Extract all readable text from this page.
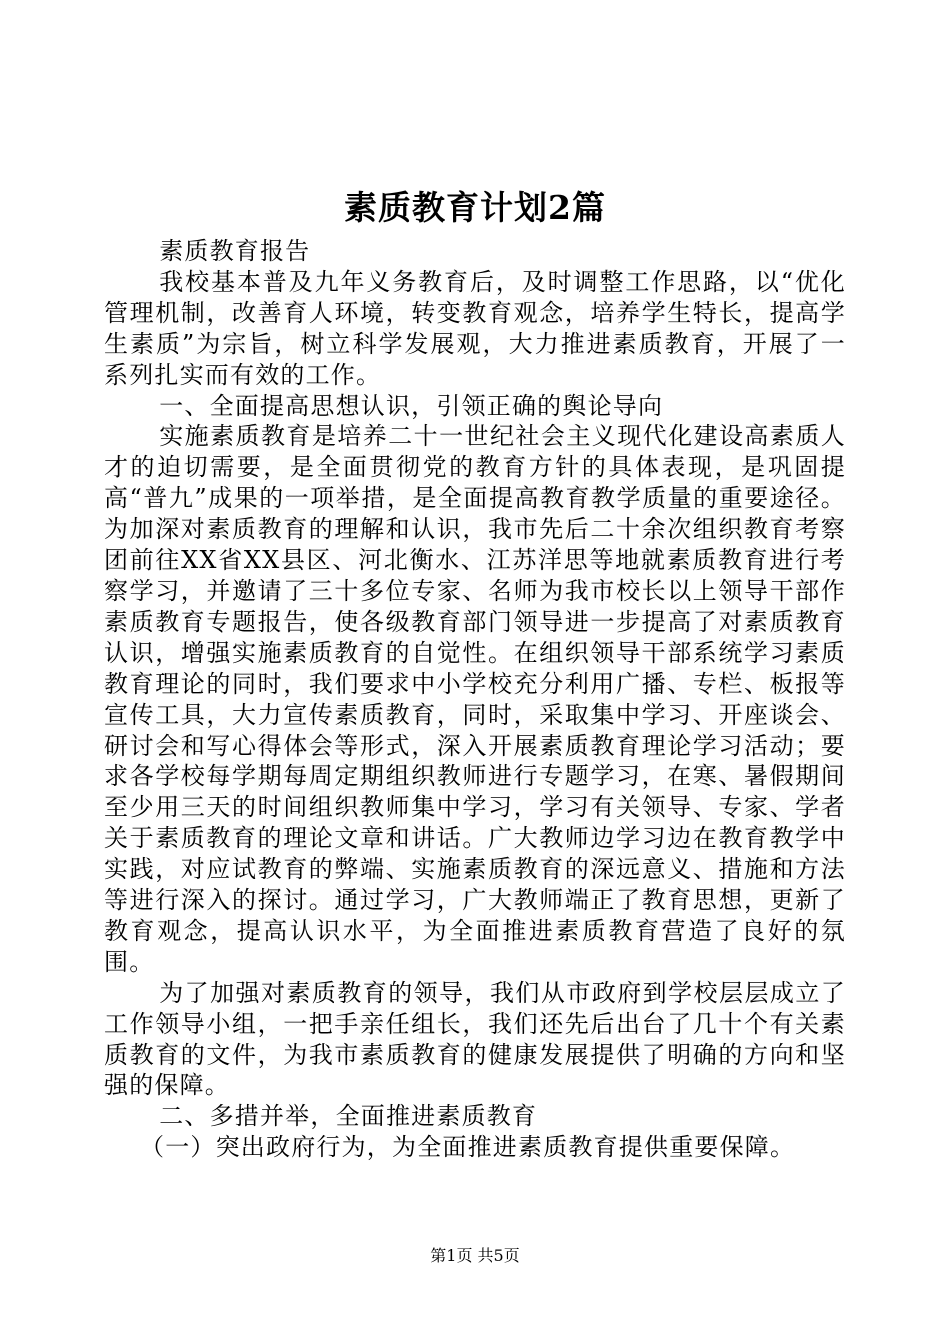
素质教育计划2篇

素质教育报告

我校基本普及九年义务教育后，及时调整工作思路，以“优化管理机制，改善育人环境，转变教育观念，培养学生特长，提高学生素质”为宗旨，树立科学发展观，大力推进素质教育，开展了一系列扎实而有效的工作。

一、全面提高思想认识，引领正确的舆论导向

实施素质教育是培养二十一世纪社会主义现代化建设高素质人才的迫切需要，是全面贯彻党的教育方针的具体表现，是巩固提高“普九”成果的一项举措，是全面提高教育教学质量的重要途径。为加深对素质教育的理解和认识，我市先后二十余次组织教育考察团前往XX省XX县区、河北衡水、江苏洋思等地就素质教育进行考察学习，并邀请了三十多位专家、名师为我市校长以上领导干部作素质教育专题报告，使各级教育部门领导进一步提高了对素质教育认识，增强实施素质教育的自觉性。在组织领导干部系统学习素质教育理论的同时，我们要求中小学校充分利用广播、专栏、板报等宣传工具，大力宣传素质教育，同时，采取集中学习、开座谈会、研讨会和写心得体会等形式，深入开展素质教育理论学习活动；要求各学校每学期每周定期组织教师进行专题学习，在寒、暑假期间至少用三天的时间组织教师集中学习，学习有关领导、专家、学者关于素质教育的理论文章和讲话。广大教师边学习边在教育教学中实践，对应试教育的弊端、实施素质教育的深远意义、措施和方法等进行深入的探讨。通过学习，广大教师端正了教育思想，更新了教育观念，提高认识水平，为全面推进素质教育营造了良好的氛围。

为了加强对素质教育的领导，我们从市政府到学校层层成立了工作领导小组，一把手亲任组长，我们还先后出台了几十个有关素质教育的文件，为我市素质教育的健康发展提供了明确的方向和坚强的保障。

二、多措并举，全面推进素质教育

（一）突出政府行为，为全面推进素质教育提供重要保障。

第1页 共5页
